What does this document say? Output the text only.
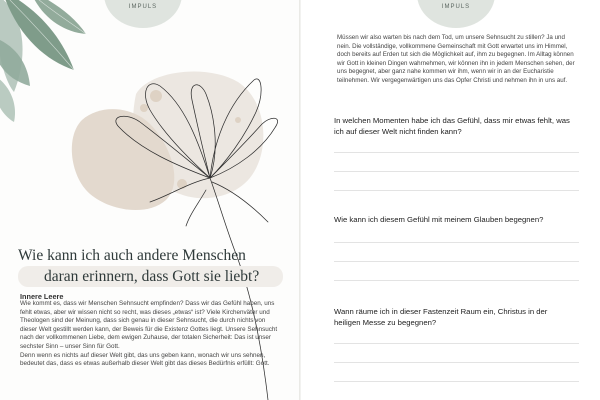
IMPULS
Wie kann ich auch andere Menschen

daran erinnern, dass Gott sie liebt?
Innere Leere
Wie kommt es, dass wir Menschen Sehnsucht empfinden? Dass wir das Gefühl haben, uns fehlt etwas, aber wir wissen nicht so recht, was dieses „etwas“ ist? Viele Kirchenväter und Theologen sind der Meinung, dass sich genau in dieser Sehnsucht, die durch nichts von dieser Welt gestillt werden kann, der Beweis für die Existenz Gottes liegt. Unsere Sehnsucht nach der vollkommenen Liebe, dem ewigen Zuhause, der totalen Sicherheit: Das ist unser sechster Sinn – unser Sinn für Gott.
Denn wenn es nichts auf dieser Welt gibt, das uns geben kann, wonach wir uns sehnen, bedeutet das, dass es etwas außerhalb dieser Welt gibt das dieses Bedürfnis erfüllt: Gott.
IMPULS

Müssen wir also warten bis nach dem Tod, um unsere Sehnsucht zu stillen? Ja und nein. Die vollständige, vollkommene Gemeinschaft mit Gott erwartet uns im Himmel, doch bereits auf Erden tut sich die Möglichkeit auf, ihm zu begegnen. Im Alltag können wir Gott in kleinen Dingen wahrnehmen, wir können ihn in jedem Menschen sehen, der uns begegnet, aber ganz nahe kommen wir ihm, wenn wir in an der Eucharistie teilnehmen. Wir vergegenwärtigen uns das Opfer Christi und nehmen ihn in uns auf.

In welchen Momenten habe ich das Gefühl, dass mir etwas fehlt, was ich auf dieser Welt nicht finden kann?

Wie kann ich diesem Gefühl mit meinem Glauben begegnen?

Wann räume ich in dieser Fastenzeit Raum ein, Christus in der heiligen Messe zu begegnen?
